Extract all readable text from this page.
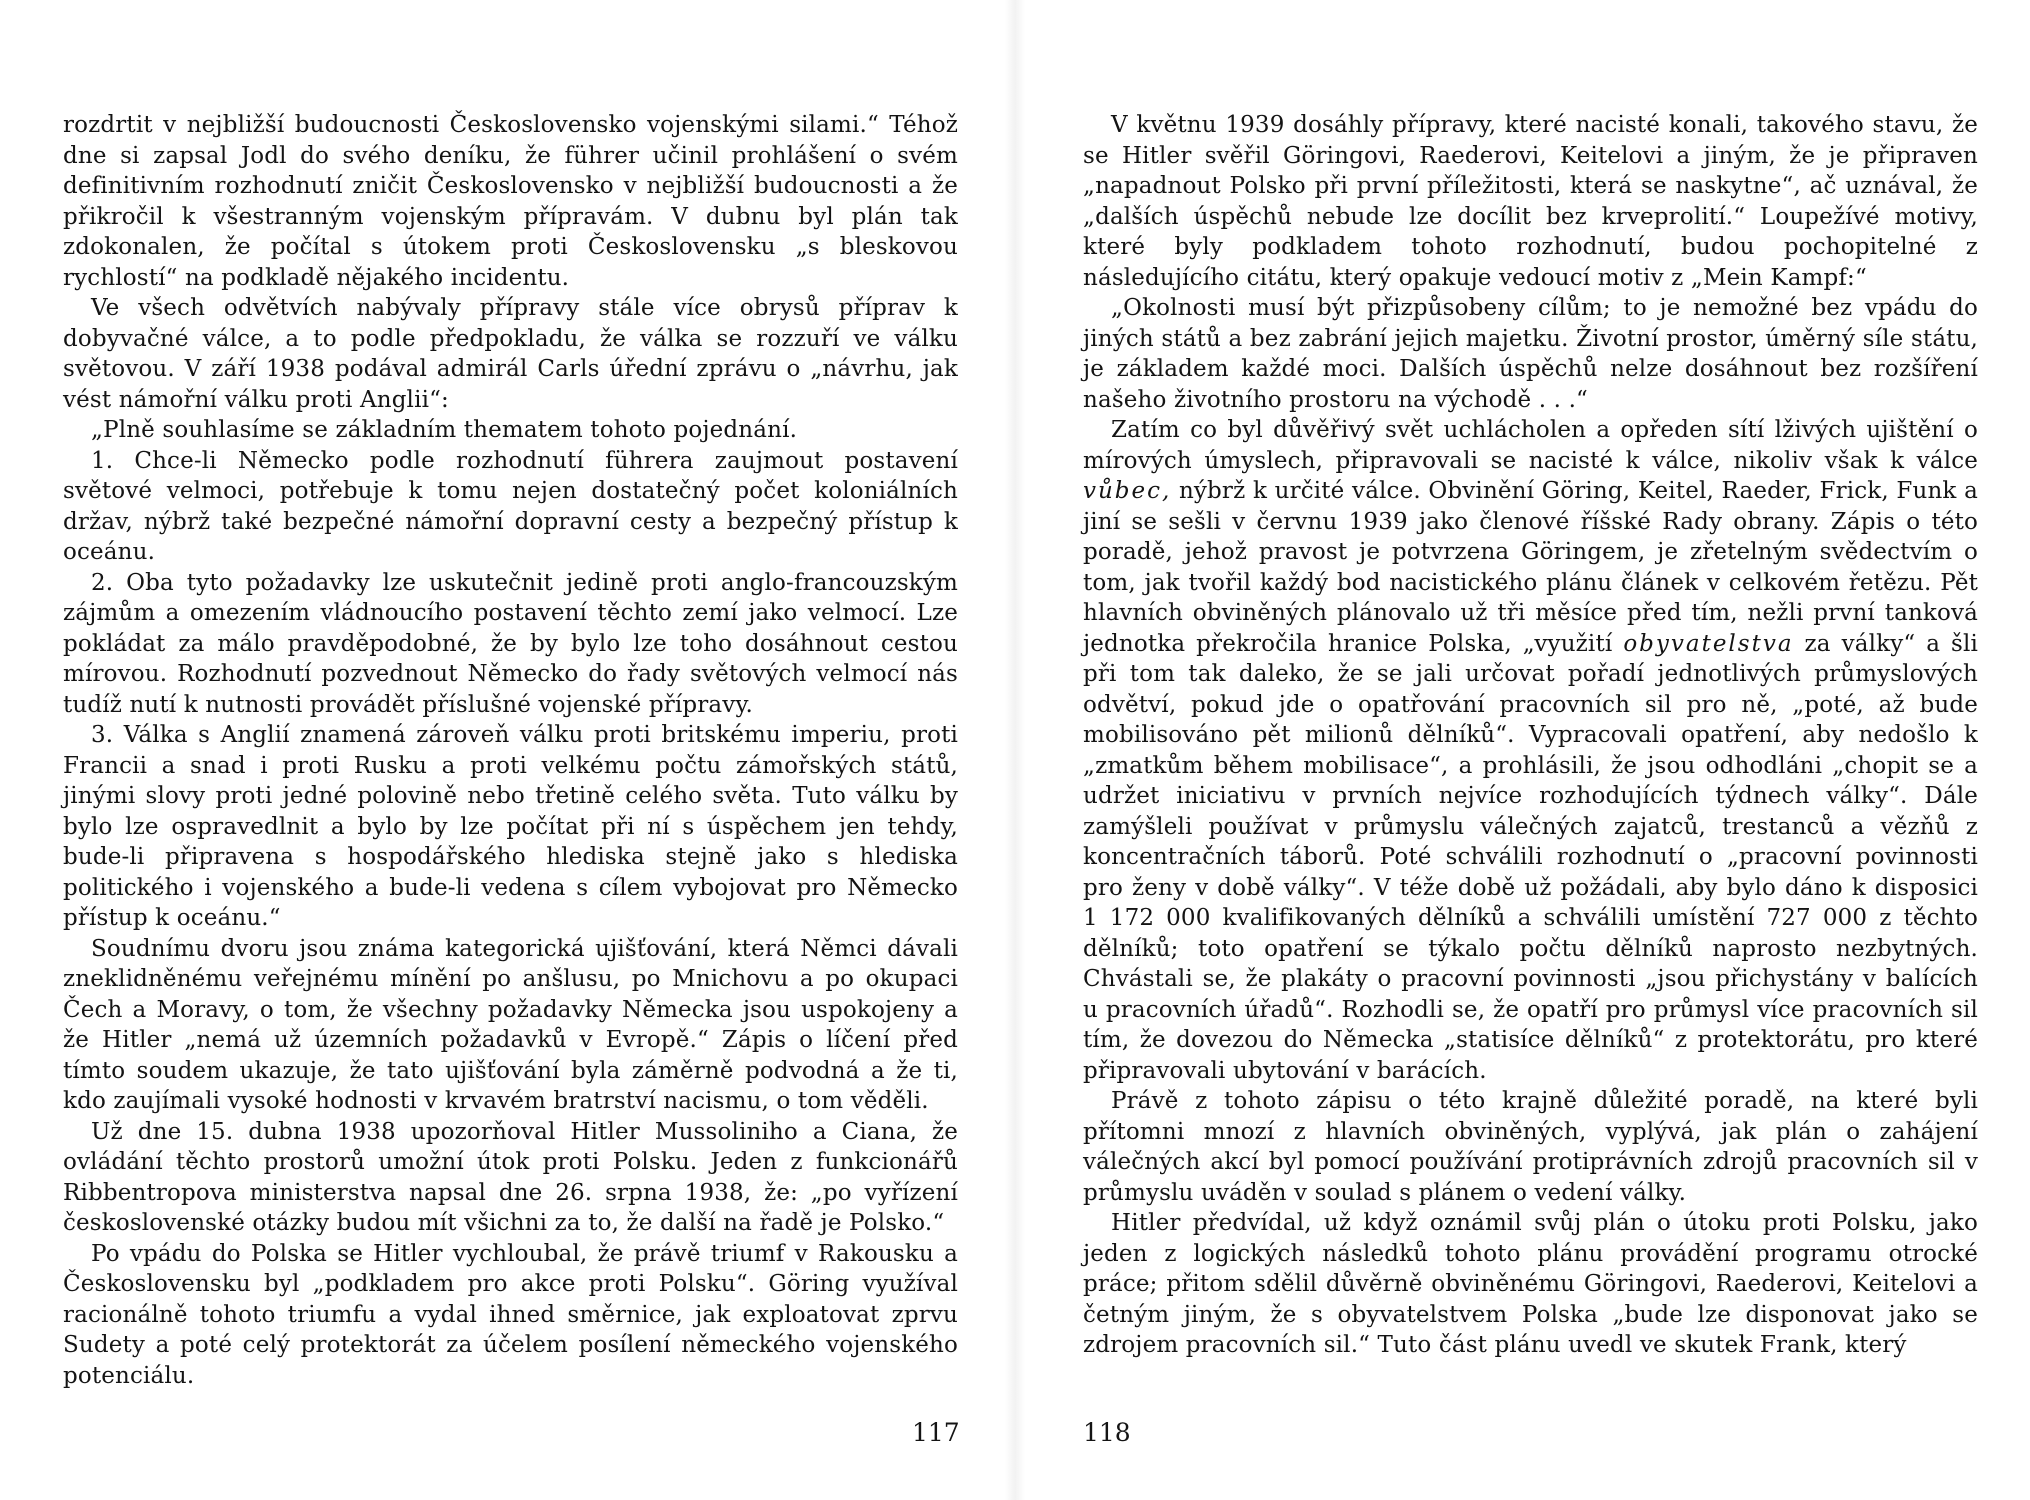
rozdrtit v nejbližší budoucnosti Československo vojenskými silami.“ Téhož dne si zapsal Jodl do svého deníku, že führer učinil prohlášení o svém definitivním rozhodnutí zničit Československo v nejbližší budoucnosti a že přikročil k všestranným vojenským přípravám. V dubnu byl plán tak zdokonalen, že počítal s útokem proti Československu „s bleskovou rychlostí“ na podkladě nějakého incidentu.

Ve všech odvětvích nabývaly přípravy stále více obrysů příprav k dobyvačné válce, a to podle předpokladu, že válka se rozzuří ve válku světovou. V září 1938 podával admirál Carls úřední zprávu o „návrhu, jak vést námořní válku proti Anglii“:

„Plně souhlasíme se základním thematem tohoto pojednání.

1. Chce-li Německo podle rozhodnutí führera zaujmout postavení světové velmoci, potřebuje k tomu nejen dostatečný počet koloniálních držav, nýbrž také bezpečné námořní dopravní cesty a bezpečný přístup k oceánu.

2. Oba tyto požadavky lze uskutečnit jedině proti anglo-francouzským zájmům a omezením vládnoucího postavení těchto zemí jako velmocí. Lze pokládat za málo pravděpodobné, že by bylo lze toho dosáhnout cestou mírovou. Rozhodnutí pozvednout Německo do řady světových velmocí nás tudíž nutí k nutnosti provádět příslušné vojenské přípravy.

3. Válka s Anglií znamená zároveň válku proti britskému imperiu, proti Francii a snad i proti Rusku a proti velkému počtu zámořských států, jinými slovy proti jedné polovině nebo třetině celého světa. Tuto válku by bylo lze ospravedlnit a bylo by lze počítat při ní s úspěchem jen tehdy, bude-li připravena s hospodářského hlediska stejně jako s hlediska politického i vojenského a bude-li vedena s cílem vybojovat pro Německo přístup k oceánu.“

Soudnímu dvoru jsou známa kategorická ujišťování, která Němci dávali zneklidněnému veřejnému mínění po anšlusu, po Mnichovu a po okupaci Čech a Moravy, o tom, že všechny požadavky Německa jsou uspokojeny a že Hitler „nemá už územních požadavků v Evropě.“ Zápis o líčení před tímto soudem ukazuje, že tato ujišťování byla záměrně podvodná a že ti, kdo zaujímali vysoké hodnosti v krvavém bratrství nacismu, o tom věděli.

Už dne 15. dubna 1938 upozorňoval Hitler Mussoliniho a Ciana, že ovládání těchto prostorů umožní útok proti Polsku. Jeden z funkcionářů Ribbentropova ministerstva napsal dne 26. srpna 1938, že: „po vyřízení československé otázky budou mít všichni za to, že další na řadě je Polsko.“

Po vpádu do Polska se Hitler vychloubal, že právě triumf v Rakousku a Československu byl „podkladem pro akce proti Polsku“. Göring využíval racionálně tohoto triumfu a vydal ihned směrnice, jak exploatovat zprvu Sudety a poté celý protektorát za účelem posílení německého vojenského potenciálu.

117

V květnu 1939 dosáhly přípravy, které nacisté konali, takového stavu, že se Hitler svěřil Göringovi, Raederovi, Keitelovi a jiným, že je připraven „napadnout Polsko při první příležitosti, která se naskytne“, ač uznával, že „dalších úspěchů nebude lze docílit bez krveprolití.“ Loupežívé motivy, které byly podkladem tohoto rozhodnutí, budou pochopitelné z následujícího citátu, který opakuje vedoucí motiv z „Mein Kampf:“

„Okolnosti musí být přizpůsobeny cílům; to je nemožné bez vpádu do jiných států a bez zabrání jejich majetku. Životní prostor, úměrný síle státu, je základem každé moci. Dalších úspěchů nelze dosáhnout bez rozšíření našeho životního prostoru na východě . . .“

Zatím co byl důvěřivý svět uchlácholen a opředen sítí lživých ujištění o mírových úmyslech, připravovali se nacisté k válce, nikoliv však k válce vůbec, nýbrž k určité válce. Obvinění Göring, Keitel, Raeder, Frick, Funk a jiní se sešli v červnu 1939 jako členové říšské Rady obrany. Zápis o této poradě, jehož pravost je potvrzena Göringem, je zřetelným svědectvím o tom, jak tvořil každý bod nacistického plánu článek v celkovém řetězu. Pět hlavních obviněných plánovalo už tři měsíce před tím, nežli první tanková jednotka překročila hranice Polska, „využití obyvatelstva za války“ a šli při tom tak daleko, že se jali určovat pořadí jednotlivých průmyslových odvětví, pokud jde o opatřování pracovních sil pro ně, „poté, až bude mobilisováno pět milionů dělníků“. Vypracovali opatření, aby nedošlo k „zmatkům během mobilisace“, a prohlásili, že jsou odhodláni „chopit se a udržet iniciativu v prvních nejvíce rozhodujících týdnech války“. Dále zamýšleli používat v průmyslu válečných zajatců, trestanců a vězňů z koncentračních táborů. Poté schválili rozhodnutí o „pracovní povinnosti pro ženy v době války“. V téže době už požádali, aby bylo dáno k disposici 1 172 000 kvalifikovaných dělníků a schválili umístění 727 000 z těchto dělníků; toto opatření se týkalo počtu dělníků naprosto nezbytných. Chvástali se, že plakáty o pracovní povinnosti „jsou přichystány v balících u pracovních úřadů“. Rozhodli se, že opatří pro průmysl více pracovních sil tím, že dovezou do Německa „statisíce dělníků“ z protektorátu, pro které připravovali ubytování v barácích.

Právě z tohoto zápisu o této krajně důležité poradě, na které byli přítomni mnozí z hlavních obviněných, vyplývá, jak plán o zahájení válečných akcí byl pomocí používání protiprávních zdrojů pracovních sil v průmyslu uváděn v soulad s plánem o vedení války.

Hitler předvídal, už když oznámil svůj plán o útoku proti Polsku, jako jeden z logických následků tohoto plánu provádění programu otrocké práce; přitom sdělil důvěrně obviněnému Göringovi, Raederovi, Keitelovi a četným jiným, že s obyvatelstvem Polska „bude lze disponovat jako se zdrojem pracovních sil.“ Tuto část plánu uvedl ve skutek Frank, který

118
